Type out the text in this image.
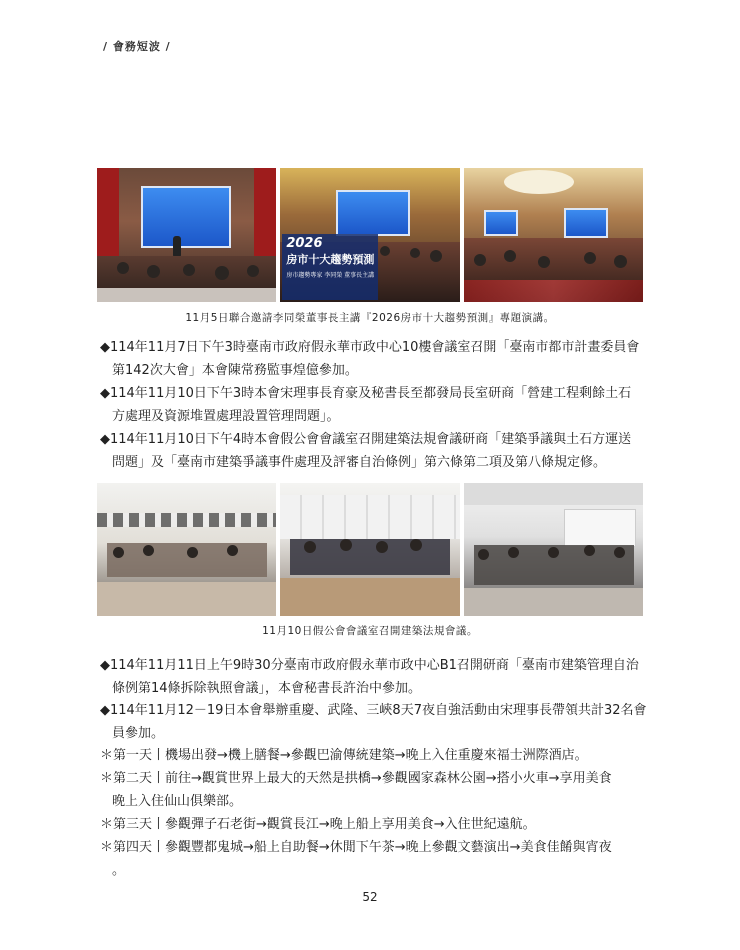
/ 會務短波 /
2026
房市十大趨勢預測
房市趨勢專家 李同榮 董事長主講
11月5日聯合邀請李同榮董事長主講『2026房市十大趨勢預測』專題演講。
◆114年11月7日下午3時臺南市政府假永華市政中心10樓會議室召開「臺南市都市計畫委員會
第142次大會」本會陳常務監事煌億參加。
◆114年11月10日下午3時本會宋理事長育豪及秘書長至都發局長室研商「營建工程剩餘土石
方處理及資源堆置處理設置管理問題」。
◆114年11月10日下午4時本會假公會會議室召開建築法規會議研商「建築爭議與土石方運送
問題」及「臺南市建築爭議事件處理及評審自治條例」第六條第二項及第八條規定修。
11月10日假公會會議室召開建築法規會議。
◆114年11月11日上午9時30分臺南市政府假永華市政中心B1召開研商「臺南市建築管理自治
條例第14條拆除執照會議」，本會秘書長許治中參加。
◆114年11月12－19日本會舉辦重慶、武隆、三峽8天7夜自強活動由宋理事長帶領共計32名會
員參加。
＊第一天丨機場出發→機上膳餐→參觀巴渝傳統建築→晚上入住重慶來福士洲際酒店。
＊第二天丨前往→觀賞世界上最大的天然是拱橋→參觀國家森林公園→搭小火車→享用美食
晚上入住仙山俱樂部。
＊第三天丨參觀彈子石老街→觀賞長江→晚上船上享用美食→入住世紀遠航。
＊第四天丨參觀豐都鬼城→船上自助餐→休閒下午茶→晚上參觀文藝演出→美食佳餚與宵夜
。
52
